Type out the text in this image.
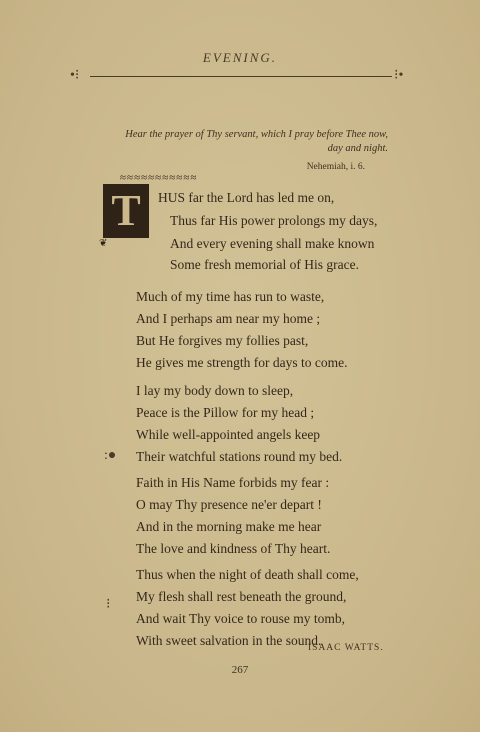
EVENING.
•⁝	⁝•
Hear the prayer of Thy servant, which I pray before Thee now,
day and night.
Nehemiah, i. 6.
≈≈≈≈≈≈≈≈≈≈≈
T
❦
HUS far the Lord has led me on,
Thus far His power prolongs my days,
And every evening shall make known
Some fresh memorial of His grace.
Much of my time has run to waste,
And I perhaps am near my home ;
But He forgives my follies past,
He gives me strength for days to come.
I lay my body down to sleep,
Peace is the Pillow for my head ;
While well-appointed angels keep
Their watchful stations round my bed.
:●
Faith in His Name forbids my fear :
O may Thy presence ne'er depart !
And in the morning make me hear
The love and kindness of Thy heart.
Thus when the night of death shall come,
My flesh shall rest beneath the ground,
And wait Thy voice to rouse my tomb,
With sweet salvation in the sound.
⁝
ISAAC WATTS.
267
